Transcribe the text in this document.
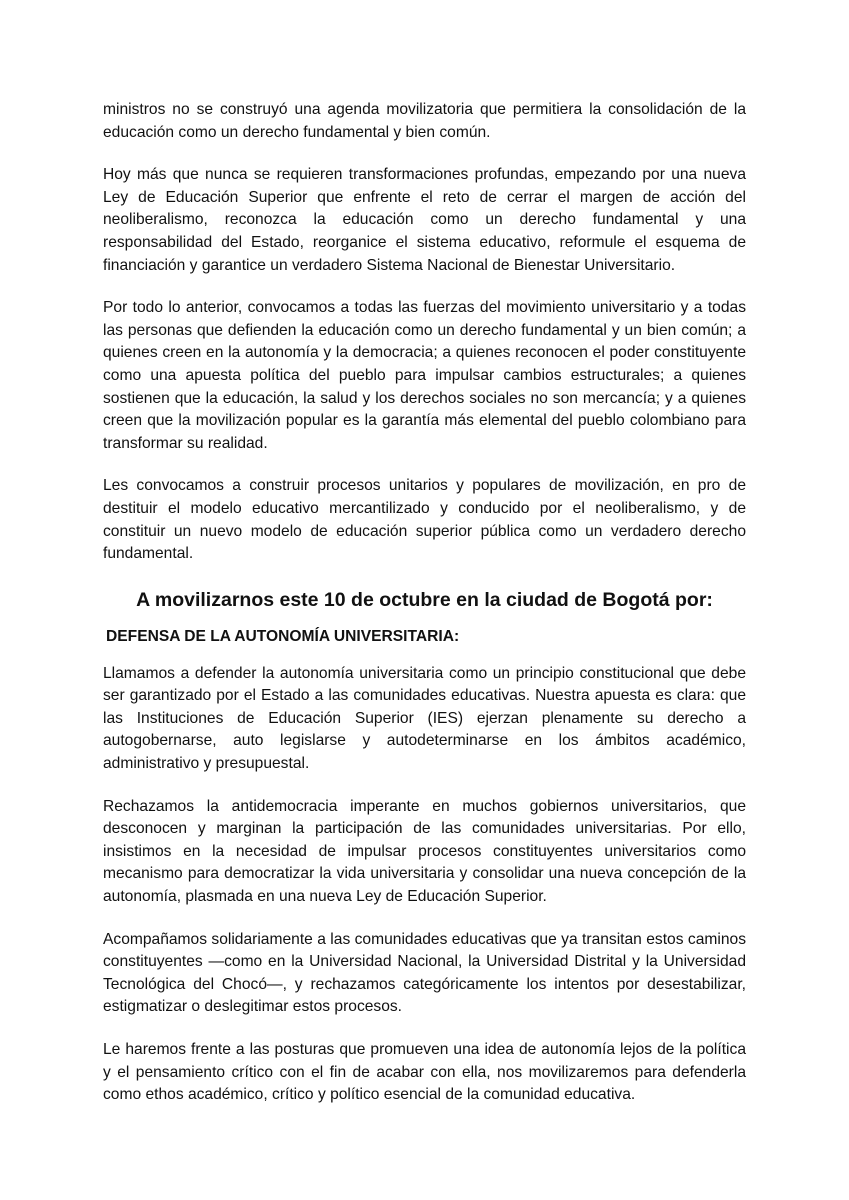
ministros no se construyó una agenda movilizatoria que permitiera la consolidación de la educación como un derecho fundamental y bien común.

Hoy más que nunca se requieren transformaciones profundas, empezando por una nueva Ley de Educación Superior que enfrente el reto de cerrar el margen de acción del neoliberalismo, reconozca la educación como un derecho fundamental y una responsabilidad del Estado, reorganice el sistema educativo, reformule el esquema de financiación y garantice un verdadero Sistema Nacional de Bienestar Universitario.

Por todo lo anterior, convocamos a todas las fuerzas del movimiento universitario y a todas las personas que defienden la educación como un derecho fundamental y un bien común; a quienes creen en la autonomía y la democracia; a quienes reconocen el poder constituyente como una apuesta política del pueblo para impulsar cambios estructurales; a quienes sostienen que la educación, la salud y los derechos sociales no son mercancía; y a quienes creen que la movilización popular es la garantía más elemental del pueblo colombiano para transformar su realidad.

Les convocamos a construir procesos unitarios y populares de movilización, en pro de destituir el modelo educativo mercantilizado y conducido por el neoliberalismo, y de constituir un nuevo modelo de educación superior pública como un verdadero derecho fundamental.

A movilizarnos este 10 de octubre en la ciudad de Bogotá por:
DEFENSA DE LA AUTONOMÍA UNIVERSITARIA:

Llamamos a defender la autonomía universitaria como un principio constitucional que debe ser garantizado por el Estado a las comunidades educativas. Nuestra apuesta es clara: que las Instituciones de Educación Superior (IES) ejerzan plenamente su derecho a autogobernarse, auto legislarse y autodeterminarse en los ámbitos académico, administrativo y presupuestal.

Rechazamos la antidemocracia imperante en muchos gobiernos universitarios, que desconocen y marginan la participación de las comunidades universitarias. Por ello, insistimos en la necesidad de impulsar procesos constituyentes universitarios como mecanismo para democratizar la vida universitaria y consolidar una nueva concepción de la autonomía, plasmada en una nueva Ley de Educación Superior.

Acompañamos solidariamente a las comunidades educativas que ya transitan estos caminos constituyentes —como en la Universidad Nacional, la Universidad Distrital y la Universidad Tecnológica del Chocó—, y rechazamos categóricamente los intentos por desestabilizar, estigmatizar o deslegitimar estos procesos.

Le haremos frente a las posturas que promueven una idea de autonomía lejos de la política y el pensamiento crítico con el fin de acabar con ella, nos movilizaremos para defenderla como ethos académico, crítico y político esencial de la comunidad educativa.
